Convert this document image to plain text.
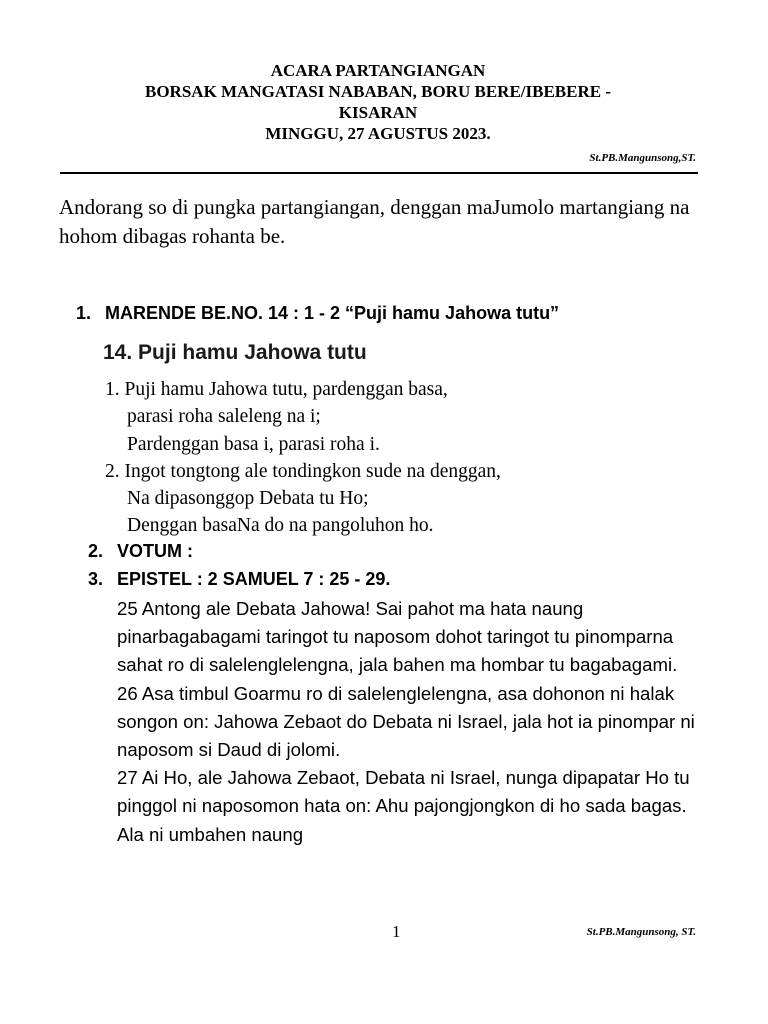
ACARA PARTANGIANGAN
BORSAK MANGATASI NABABAN, BORU BERE/IBEBERE -
KISARAN
MINGGU, 27 AGUSTUS 2023.
St.PB.Mangunsong,ST.
Andorang so di pungka partangiangan, denggan maJumolo martangiang na hohom dibagas rohanta be.
1. MARENDE BE.NO. 14 : 1 - 2 “Puji hamu Jahowa tutu”
14. Puji hamu Jahowa tutu
1. Puji hamu Jahowa tutu, pardenggan basa,
parasi roha saleleng na i;
Pardenggan basa i, parasi roha i.
2. Ingot tongtong ale tondingkon sude na denggan,
Na dipasonggop Debata tu Ho;
Denggan basaNa do na pangoluhon ho.
2. VOTUM :
3. EPISTEL : 2 SAMUEL 7 : 25 - 29.

25 Antong ale Debata Jahowa! Sai pahot ma hata naung pinarbagabagami taringot tu naposom dohot taringot tu pinomparna sahat ro di salelenglelengna, jala bahen ma hombar tu bagabagami.

26 Asa timbul Goarmu ro di salelenglelengna, asa dohonon ni halak songon on: Jahowa Zebaot do Debata ni Israel, jala hot ia pinompar ni naposom si Daud di jolomi.

27 Ai Ho, ale Jahowa Zebaot, Debata ni Israel, nunga dipapatar Ho tu pinggol ni naposomon hata on: Ahu pajongjongkon di ho sada bagas. Ala ni umbahen naung

1	St.PB.Mangunsong, ST.
